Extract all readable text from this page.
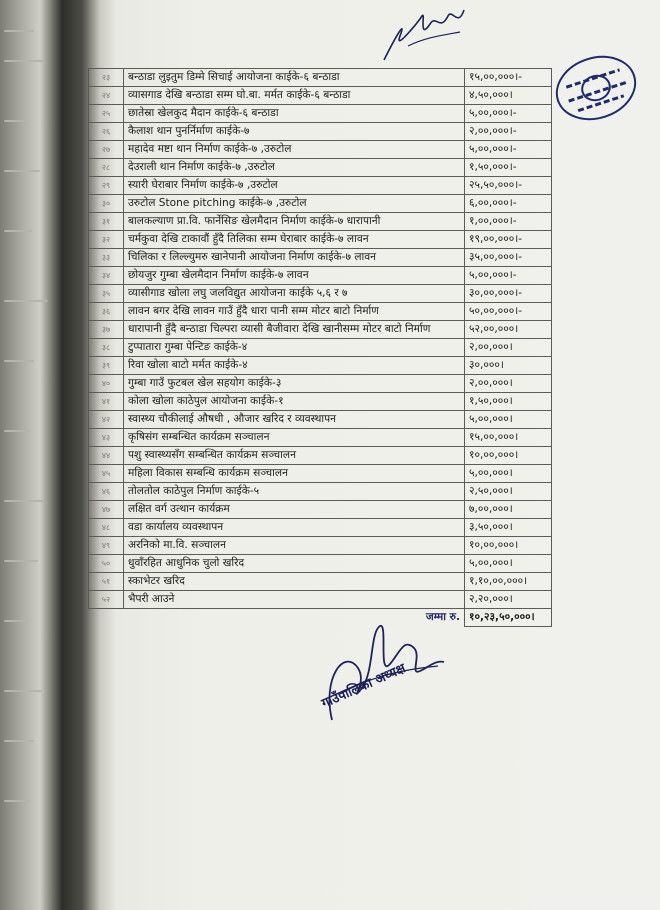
२३	बन्ठाडा लुइतुम डिम्मे सिचाई आयोजना काईके-६ बन्ठाडा	१५,००,०००।-
२४	व्यासगाड देखि बन्ठाडा सम्म घो.बा. मर्मत काईके-६ बन्ठाडा	४,५०,०००।
२५	छातेस्रा खेलकुद मैदान काईके-६ बन्ठाडा	५,००,०००।-
२६	कैलाश थान पुनर्निर्माण काईके-७	२,००,०००।-
२७	महादेव मष्टा थान निर्माण काईके-७ ,उरुटोल	५,००,०००।-
२८	देउराली थान निर्माण काईके-७ ,उरुटोल	१,५०,०००।-
२९	स्यारी घेराबार निर्माण काईके-७ ,उरुटोल	२५,५०,०००।-
३०	उरुटोल Stone pitching काईके-७ ,उरुटोल	६,००,०००।-
३१	बालकल्याण प्रा.वि. फार्नेसिङ खेलमैदान निर्माण काईके-७ धारापानी	१,००,०००।-
३२	चर्मकुवा देखि टाकावौं हुँदै तिलिका सम्म घेराबार काईके-७ लावन	१९,००,०००।-
३३	चिलिका र लिल्ल्युमरु खानेपानी आयोजना निर्माण काईके-७ लावन	३५,००,०००।-
३४	छोयजुर गुम्बा खेलमैदान निर्माण काईके-७ लावन	५,००,०००।-
३५	व्यासीगाड खोला लघु जलविद्युत आयोजना काईके ५,६ र ७	३०,००,०००।-
३६	लावन बगर देखि लावन गाउँ हुँदै धारा पानी सम्म मोटर बाटो निर्माण	५०,००,०००।-
३७	धारापानी हुँदै बन्ठाडा चिल्परा व्यासी बैजीवारा देखि खानीसम्म मोटर बाटो निर्माण	५२,००,०००।
३८	टुप्पातारा गुम्बा पेन्टिङ काईके-४	२,००,०००।
३९	रिवा खोला बाटो मर्मत काईके-४	३०,०००।
४०	गुम्बा गाउँ फुटबल खेल सहयोग काईके-३	२,००,०००।
४१	कोला खोला काठेपुल आयोजना काईके-१	१,५०,०००।
४२	स्वास्थ्य चौकीलाई औषधी , औजार खरिद र व्यवस्थापन	५,००,०००।
४३	कृषिसंग सम्बन्धित कार्यक्रम सञ्चालन	१५,००,०००।
४४	पशु स्वास्थ्यसँग सम्बन्धित कार्यक्रम सञ्चालन	१०,००,०००।
४५	महिला विकास सम्बन्धि कार्यक्रम सञ्चालन	५,००,०००।
४६	तोलतोल काठेपुल निर्माण काईके-५	२,५०,०००।
४७	लक्षित वर्ग उत्थान कार्यक्रम	७,००,०००।
४८	वडा कार्यालय व्यवस्थापन	३,५०,०००।
४९	अरनिको मा.वि. सञ्चालन	१०,००,०००।
५०	धुवाँरहित आधुनिक चुलो खरिद	५,००,०००।
५१	स्काभेटर खरिद	१,१०,००,०००।
५२	भैपरी आउने	२,२०,०००।
	जम्मा रु.	१०,२३,५०,०००।
गाउँपालिका अध्यक्ष
